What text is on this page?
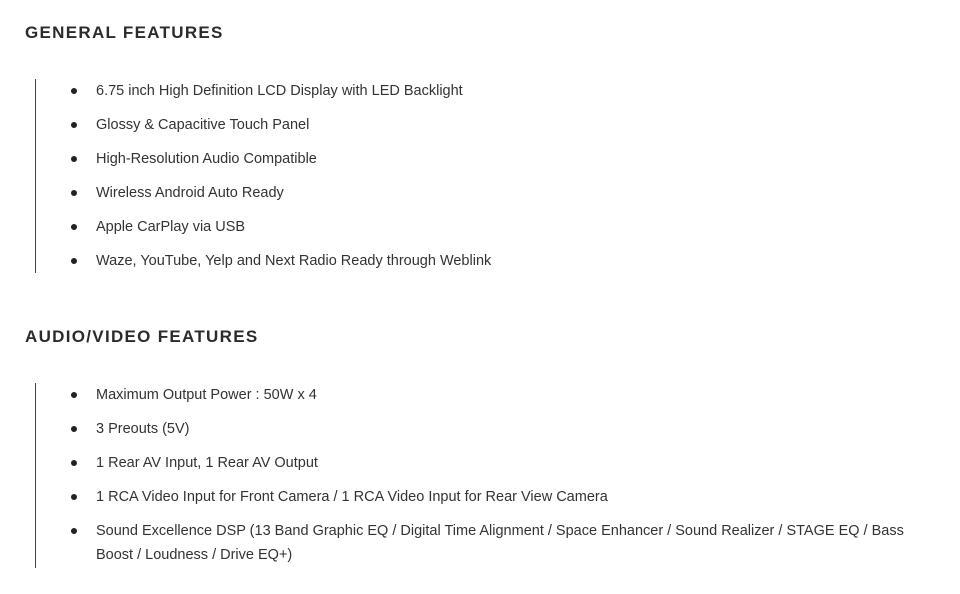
GENERAL FEATURES
6.75 inch High Definition LCD Display with LED Backlight
Glossy & Capacitive Touch Panel
High-Resolution Audio Compatible
Wireless Android Auto Ready
Apple CarPlay via USB
Waze, YouTube, Yelp and Next Radio Ready through Weblink
AUDIO/VIDEO FEATURES
Maximum Output Power : 50W x 4
3 Preouts (5V)
1 Rear AV Input, 1 Rear AV Output
1 RCA Video Input for Front Camera / 1 RCA Video Input for Rear View Camera
Sound Excellence DSP (13 Band Graphic EQ / Digital Time Alignment / Space Enhancer / Sound Realizer / STAGE EQ / Bass Boost / Loudness / Drive EQ+)
